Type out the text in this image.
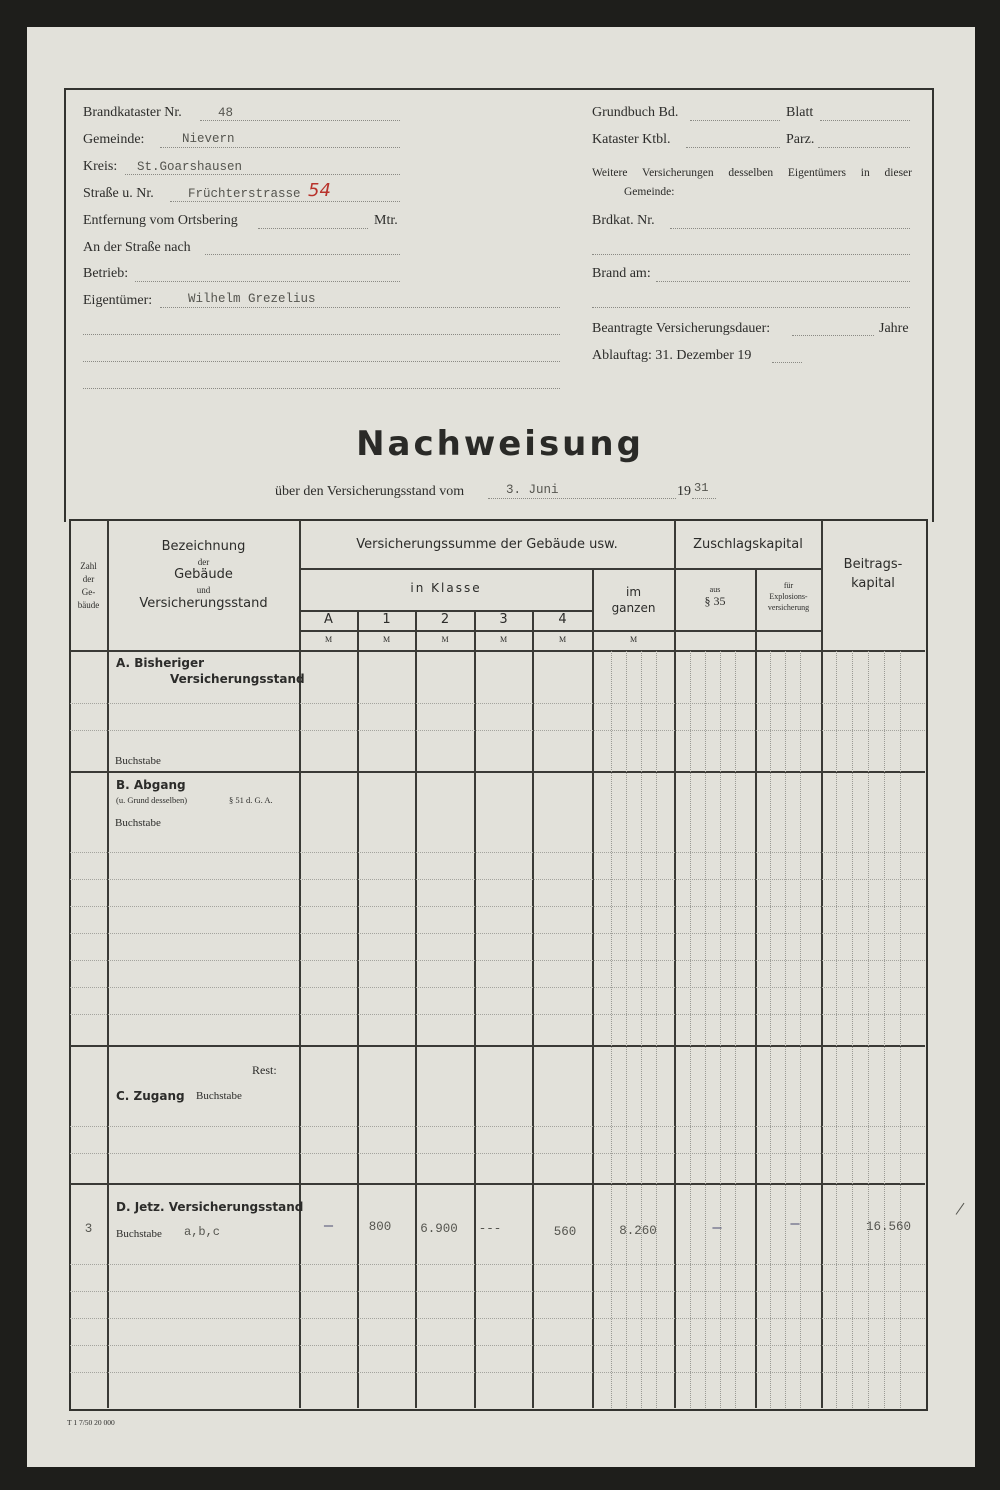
Brandkataster Nr.	48
Gemeinde:	Nievern
Kreis: St.Goarshausen
Straße u. Nr.	Früchterstrasse 54
Entfernung vom Ortsbering	Mtr.
An der Straße nach
Betrieb:
Eigentümer:	Wilhelm Grezelius
Grundbuch Bd.	Blatt
Kataster Ktbl.	Parz.
Weitere Versicherungen desselben Eigentümers in dieser
Gemeinde:
Brdkat. Nr.
Brand am:
Beantragte Versicherungsdauer:	Jahre
Ablauftag: 31. Dezember 19
Nachweisung
über den Versicherungsstand vom	3. Juni	19 31
Zahl
der
Ge-
bäude
Bezeichnung
der
Gebäude
und
Versicherungsstand
Versicherungssumme der Gebäude usw.
in Klasse
A	1	2	3	4
im
ganzen
Zuschlagskapital
aus
§ 35
für
Explosions-
versicherung
Beitrags-
kapital
M	M	M	M	M	M
A. Bisheriger
Versicherungsstand
Buchstabe
B. Abgang
(u. Grund desselben)	§ 51 d. G. A.
Buchstabe
Rest:
C. Zugang Buchstabe
D. Jetz. Versicherungsstand
Buchstabe a,b,c
3	—	800	6.900	---	560	8.260	—	—	16.560
T 1 7/50 20 000
